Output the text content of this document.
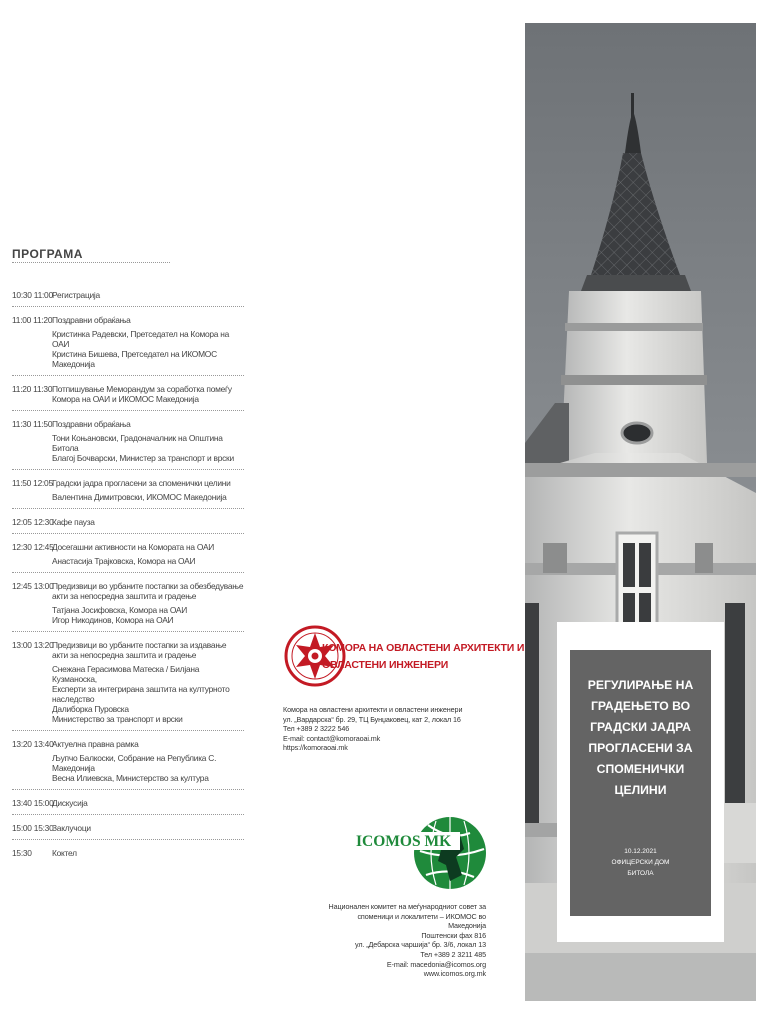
ПРОГРАМА
10:30 11:00 Регистрација
11:00 11:20 Поздравни обраќања
Кристинка Радевски, Претседател на Комора на ОАИ
Кристина Бишева, Претседател на ИКОМОС Македонија
11:20 11:30 Потпишување Меморандум за соработка помеѓу Комора на ОАИ и ИКОМОС Македонија
11:30 11:50 Поздравни обраќања
Тони Коњановски, Градоначалник на Општина Битола
Благој Бочварски, Министер за транспорт и врски
11:50 12:05 Градски јадра прогласени за споменички целини
Валентина Димитровски, ИКОМОС Македонија
12:05 12:30
Кафе пауза
12:30 12:45
Досегашни активности на Комората на ОАИ
Анастасија Трајковска, Комора на ОАИ
12:45 13:00
Предизвици во урбаните постапки за обезбедување акти за непосредна заштита и градење
Татјана Јосифовска, Комора на ОАИ
Игор Никодинов, Комора на ОАИ
13:00 13:20
Предизвици во урбаните постапки за издавање акти за непосредна заштита и градење
Снежана Герасимова Матеска / Билјана Кузманоска,
Експерти за интегрирана заштита на културното наследство
Далиборка Пуровска
Министерство за транспорт и врски
13:20 13:40
Актуелна правна рамка
Љупчо Балкоски, Собрание на Република С. Македонија
Весна Илиевска, Министерство за култура
13:40 15:00
Дискусија
15:00 15:30
Заклучоци
15:30	Коктел
КОМОРА НА ОВЛАСТЕНИ АРХИТЕКТИ И
ОВЛАСТЕНИ ИНЖЕНЕРИ
Комора на овластени архитекти и овластени инженери
ул. „Вардарска“ бр. 29, ТЦ Бунџакoвец, кат 2, локал 16
Тел +389 2 3222 546
E-mail: contact@komoraoai.mk
https://komoraoai.mk
ICOMOS MK
Национален комитет на меѓународниот совет за
споменици и локалитети – ИКОМОС во Македонија
Поштенски фах 816
ул. „Дебарска чаршија“ бр. 3/6, локал 13
Тел +389 2 3211 485
E-mail: macedonia@icomos.org
www.icomos.org.mk
РЕГУЛИРАЊЕ НА
ГРАДЕЊЕТО ВО
ГРАДСКИ ЈАДРА
ПРОГЛАСЕНИ ЗА
СПОМЕНИЧКИ
ЦЕЛИНИ
10.12.2021
ОФИЦЕРСКИ ДОМ
БИТОЛА
